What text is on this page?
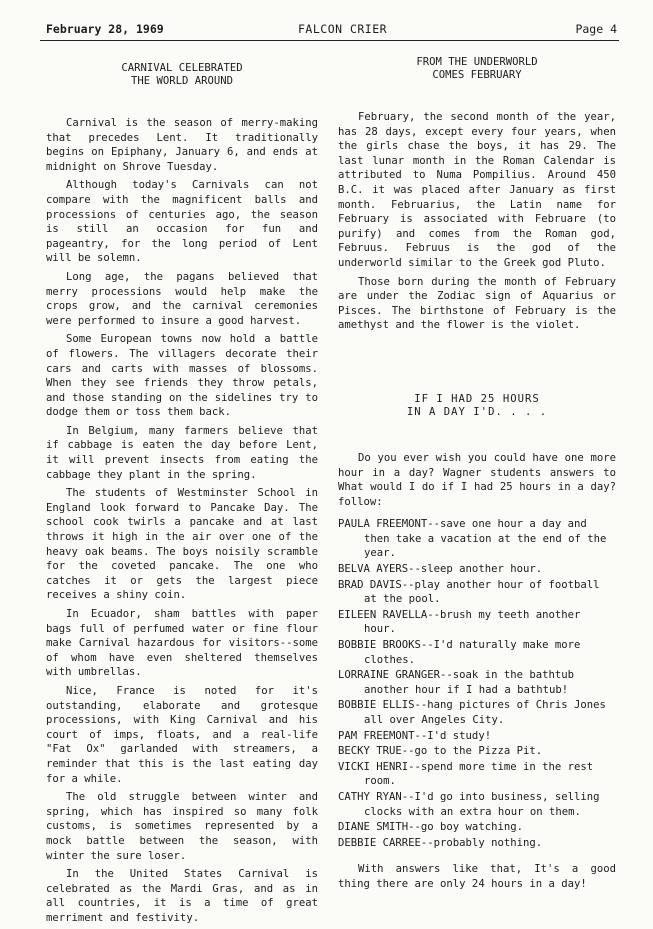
February 28, 1969	FALCON CRIER	Page 4
CARNIVAL CELEBRATED
THE WORLD AROUND

Carnival is the season of merry-making that precedes Lent. It traditionally begins on Epiphany, January 6, and ends at midnight on Shrove Tuesday.

Although today's Carnivals can not compare with the magnificent balls and processions of centuries ago, the season is still an occasion for fun and pageantry, for the long period of Lent will be solemn.

Long age, the pagans believed that merry processions would help make the crops grow, and the carnival ceremonies were performed to insure a good harvest.

Some European towns now hold a battle of flowers. The villagers decorate their cars and carts with masses of blossoms. When they see friends they throw petals, and those standing on the sidelines try to dodge them or toss them back.

In Belgium, many farmers believe that if cabbage is eaten the day before Lent, it will prevent insects from eating the cabbage they plant in the spring.

The students of Westminster School in England look forward to Pancake Day. The school cook twirls a pancake and at last throws it high in the air over one of the heavy oak beams. The boys noisily scramble for the coveted pancake. The one who catches it or gets the largest piece receives a shiny coin.

In Ecuador, sham battles with paper bags full of perfumed water or fine flour make Carnival hazardous for visitors--some of whom have even sheltered themselves with umbrellas.

Nice, France is noted for it's outstanding, elaborate and grotesque processions, with King Carnival and his court of imps, floats, and a real-life "Fat Ox" garlanded with streamers, a reminder that this is the last eating day for a while.

The old struggle between winter and spring, which has inspired so many folk customs, is sometimes represented by a mock battle between the season, with winter the sure loser.

In the United States Carnival is celebrated as the Mardi Gras, and as in all countries, it is a time of great merriment and festivity.

FROM THE UNDERWORLD
COMES FEBRUARY

February, the second month of the year, has 28 days, except every four years, when the girls chase the boys, it has 29. The last lunar month in the Roman Calendar is attributed to Numa Pompilius. Around 450 B.C. it was placed after January as first month. Februarius, the Latin name for February is associated with Februare (to purify) and comes from the Roman god, Februus. Februus is the god of the underworld similar to the Greek god Pluto.

Those born during the month of February are under the Zodiac sign of Aquarius or Pisces. The birthstone of February is the amethyst and the flower is the violet.

IF I HAD 25 HOURS
IN A DAY I'D. . . .

Do you ever wish you could have one more hour in a day? Wagner students answers to What would I do if I had 25 hours in a day? follow:

PAULA FREEMONT--save one hour a day and then take a vacation at the end of the year.
BELVA AYERS--sleep another hour.
BRAD DAVIS--play another hour of football at the pool.
EILEEN RAVELLA--brush my teeth another hour.
BOBBIE BROOKS--I'd naturally make more clothes.
LORRAINE GRANGER--soak in the bathtub another hour if I had a bathtub!
BOBBIE ELLIS--hang pictures of Chris Jones all over Angeles City.
PAM FREEMONT--I'd study!
BECKY TRUE--go to the Pizza Pit.
VICKI HENRI--spend more time in the rest room.
CATHY RYAN--I'd go into business, selling clocks with an extra hour on them.
DIANE SMITH--go boy watching.
DEBBIE CARREE--probably nothing.

With answers like that, It's a good thing there are only 24 hours in a day!
